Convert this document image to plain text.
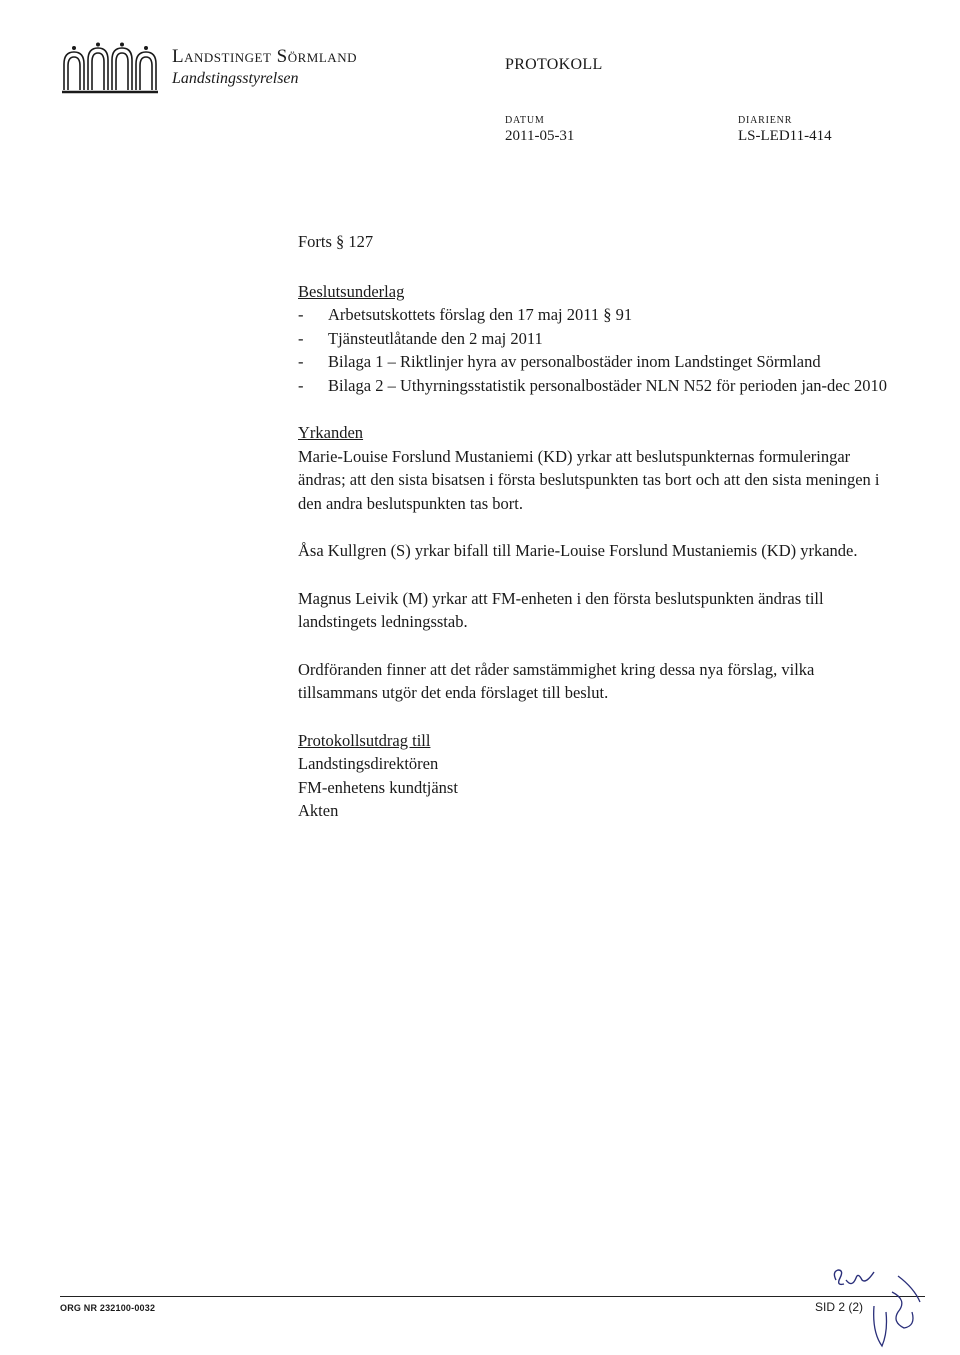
Landstinget Sörmland
Landstingsstyrelsen
PROTOKOLL
DATUM
2011-05-31
DIARIENR
LS-LED11-414

Forts § 127

Beslutsunderlag

- Arbetsutskottets förslag den 17 maj 2011 § 91
- Tjänsteutlåtande den 2 maj 2011
- Bilaga 1 – Riktlinjer hyra av personalbostäder inom Landstinget Sörmland
- Bilaga 2 – Uthyrningsstatistik personalbostäder NLN N52 för perioden jan-dec 2010

Yrkanden

Marie-Louise Forslund Mustaniemi (KD) yrkar att beslutspunkternas formuleringar ändras; att den sista bisatsen i första beslutspunkten tas bort och att den sista meningen i den andra beslutspunkten tas bort.

Åsa Kullgren (S) yrkar bifall till Marie-Louise Forslund Mustaniemis (KD) yrkande.

Magnus Leivik (M) yrkar att FM-enheten i den första beslutspunkten ändras till landstingets ledningsstab.

Ordföranden finner att det råder samstämmighet kring dessa nya förslag, vilka tillsammans utgör det enda förslaget till beslut.

Protokollsutdrag till

Landstingsdirektören

FM-enhetens kundtjänst

Akten

ORG NR 232100-0032	SID 2 (2)
